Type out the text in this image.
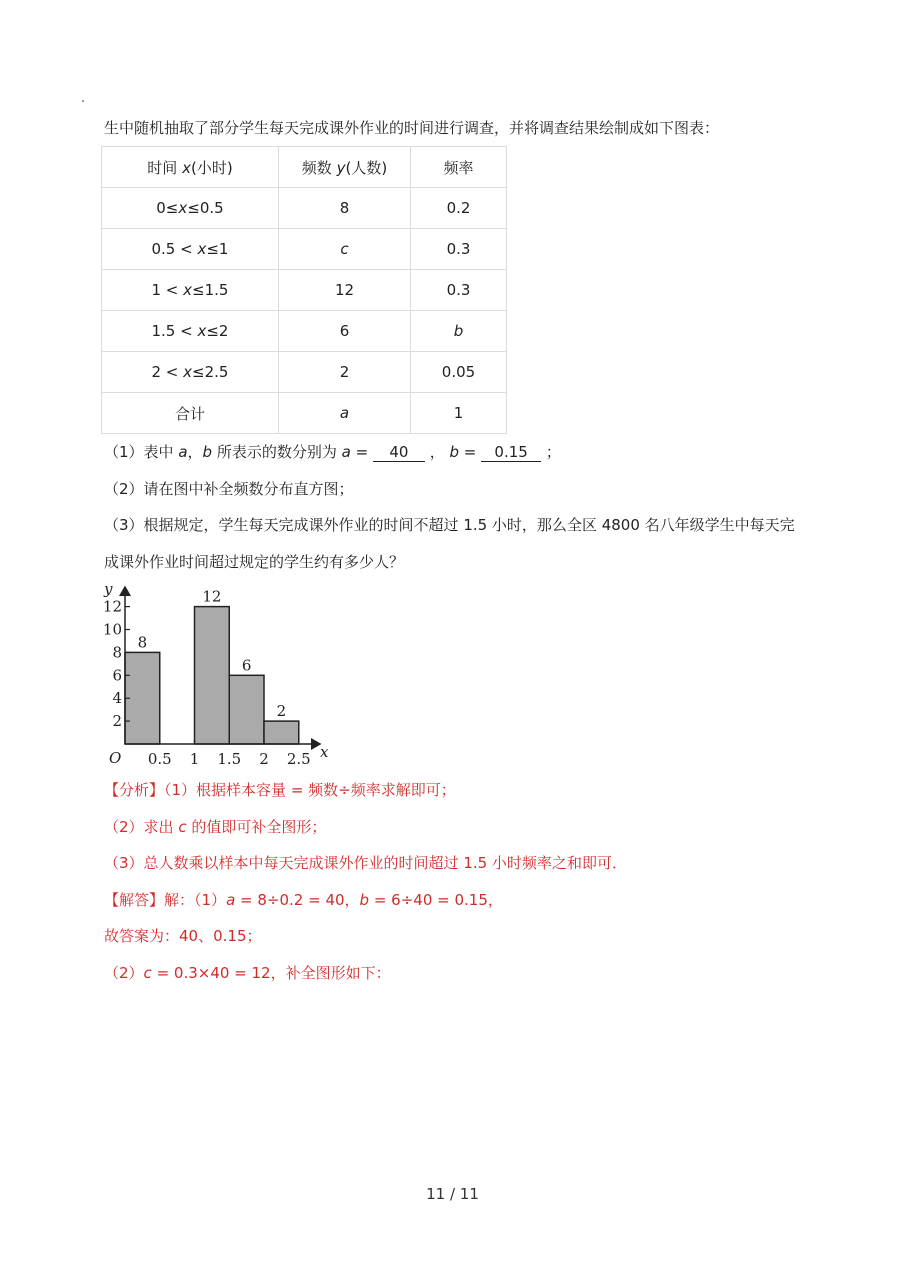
生中随机抽取了部分学生每天完成课外作业的时间进行调查，并将调查结果绘制成如下图表：
时间 x(小时)	频数 y(人数)	频率
0≤x≤0.5	8	0.2
0.5 < x≤1	c	0.3
1 < x≤1.5	12	0.3
1.5 < x≤2	6	b
2 < x≤2.5	2	0.05
合计	a	1
（1）表中 a，b 所表示的数分别为 a = 40 ， b = 0.15 ；
（2）请在图中补全频数分布直方图；
（3）根据规定，学生每天完成课外作业的时间不超过 1.5 小时，那么全区 4800 名八年级学生中每天完
成课外作业时间超过规定的学生约有多少人？
8
12
6
2
2
4
6
8
10
12
0.5 1 1.5 2 2.5
y
x
O
【分析】（1）根据样本容量 = 频数÷频率求解即可；
（2）求出 c 的值即可补全图形；
（3）总人数乘以样本中每天完成课外作业的时间超过 1.5 小时频率之和即可．
【解答】解：（1）a = 8÷0.2 = 40，b = 6÷40 = 0.15，
故答案为：40、0.15；
（2）c = 0.3×40 = 12，补全图形如下：
11 / 11
